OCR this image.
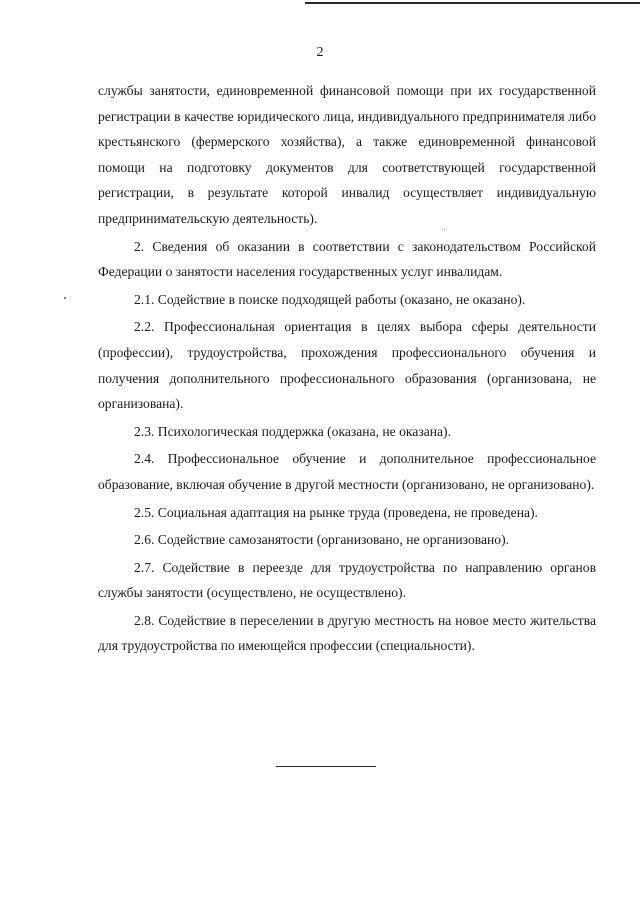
2

службы занятости, единовременной финансовой помощи при их государственной регистрации в качестве юридического лица, индивидуального предпринимателя либо крестьянского (фермерского хозяйства), а также единовременной финансовой помощи на подготовку документов для соответствующей государственной регистрации, в результате которой инвалид осуществляет индивидуальную предпринимательскую деятельность).

2. Сведения об оказании в соответствии с законодательством Российской Федерации о занятости населения государственных услуг инвалидам.

2.1. Содействие в поиске подходящей работы (оказано, не оказано).

2.2. Профессиональная ориентация в целях выбора сферы деятельности (профессии), трудоустройства, прохождения профессионального обучения и получения дополнительного профессионального образования (организована, не организована).

2.3. Психологическая поддержка (оказана, не оказана).

2.4. Профессиональное обучение и дополнительное профессиональное образование, включая обучение в другой местности (организовано, не организовано).

2.5. Социальная адаптация на рынке труда (проведена, не проведена).

2.6. Содействие самозанятости (организовано, не организовано).

2.7. Содействие в переезде для трудоустройства по направлению органов службы занятости (осуществлено, не осуществлено).

2.8. Содействие в переселении в другую местность на новое место жительства для трудоустройства по имеющейся профессии (специальности).
